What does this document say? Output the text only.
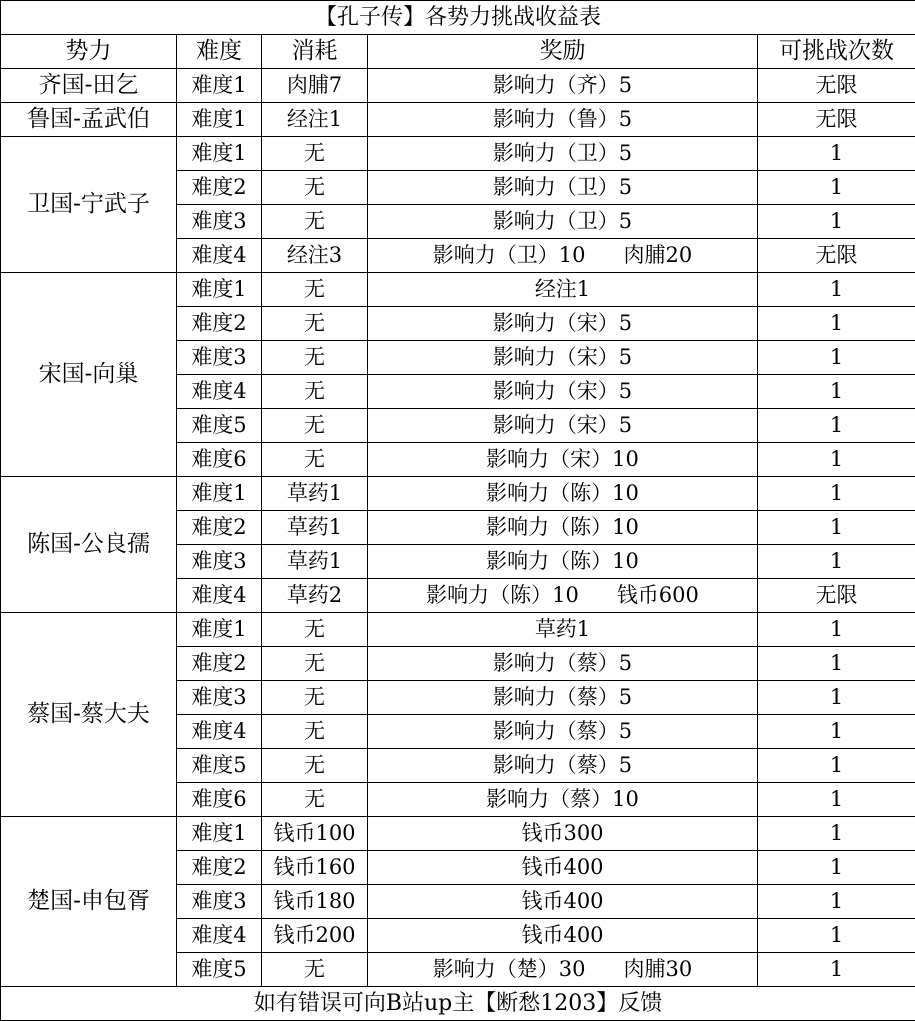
【孔子传】各势力挑战收益表				
势力	难度	消耗	奖励	可挑战次数
齐国-田乞	难度1	肉脯7	影响力（齐）5	无限
鲁国-孟武伯	难度1	经注1	影响力（鲁）5	无限
卫国-宁武子	难度1	无	影响力（卫）5	1
	难度2	无	影响力（卫）5	1
	难度3	无	影响力（卫）5	1
	难度4	经注3	影响力（卫）10 肉脯20	无限
宋国-向巢	难度1	无	经注1	1
	难度2	无	影响力（宋）5	1
	难度3	无	影响力（宋）5	1
	难度4	无	影响力（宋）5	1
	难度5	无	影响力（宋）5	1
	难度6	无	影响力（宋）10	1
陈国-公良孺	难度1	草药1	影响力（陈）10	1
	难度2	草药1	影响力（陈）10	1
	难度3	草药1	影响力（陈）10	1
	难度4	草药2	影响力（陈）10 钱币600	无限
蔡国-蔡大夫	难度1	无	草药1	1
	难度2	无	影响力（蔡）5	1
	难度3	无	影响力（蔡）5	1
	难度4	无	影响力（蔡）5	1
	难度5	无	影响力（蔡）5	1
	难度6	无	影响力（蔡）10	1
楚国-申包胥	难度1	钱币100	钱币300	1
	难度2	钱币160	钱币400	1
	难度3	钱币180	钱币400	1
	难度4	钱币200	钱币400	1
	难度5	无	影响力（楚）30 肉脯30	1
如有错误可向B站up主【断愁1203】反馈				
